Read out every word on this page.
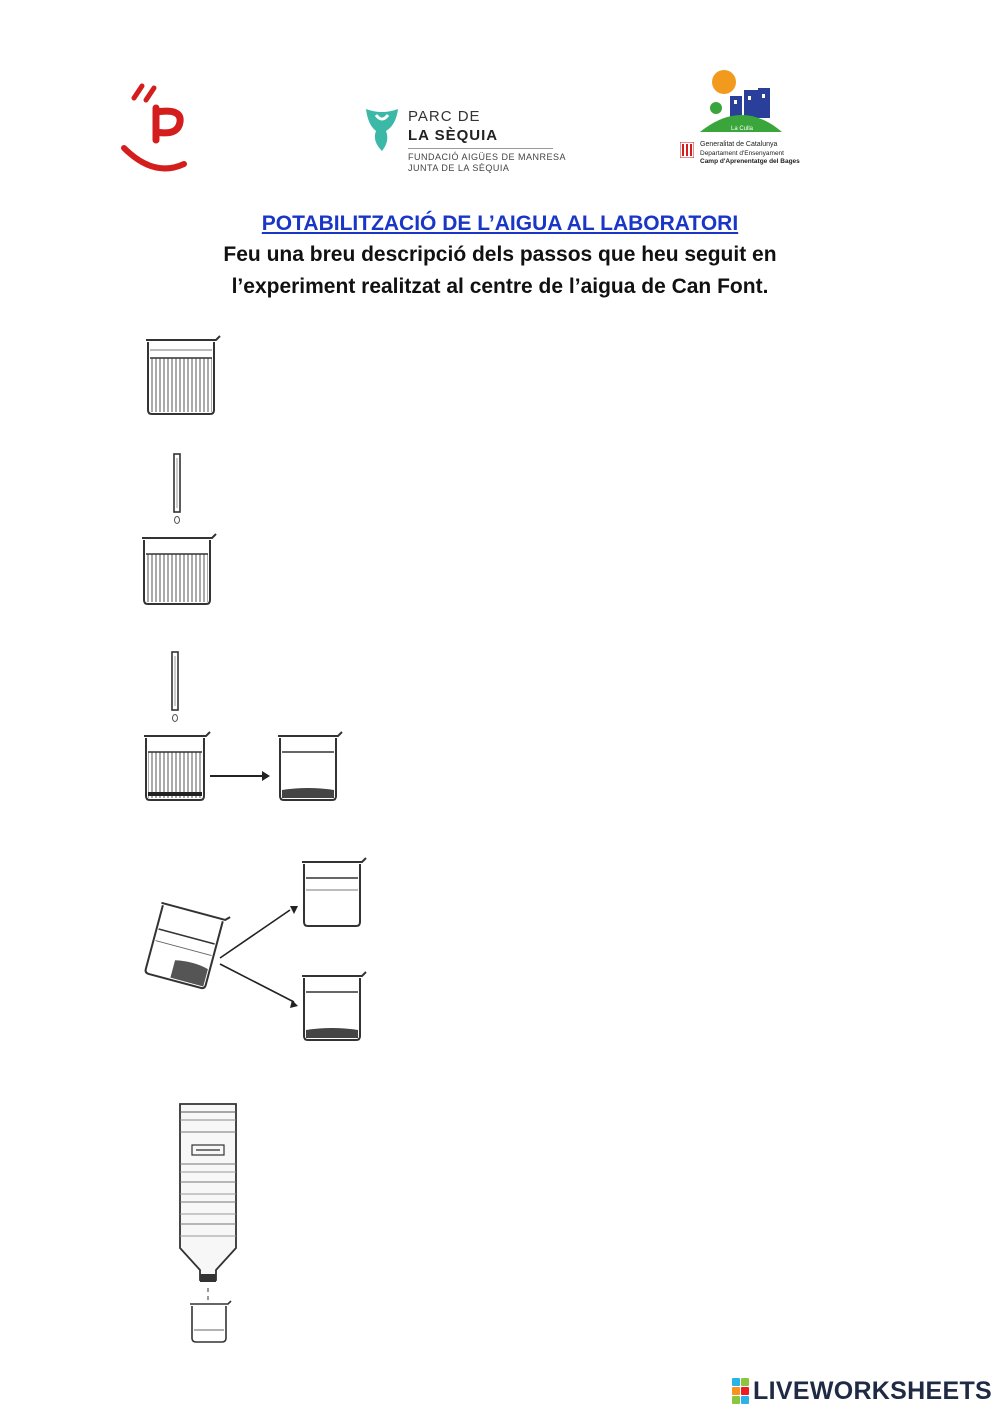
PARC DE
LA SÈQUIA
FUNDACIÓ AIGÜES DE MANRESA
JUNTA DE LA SÈQUIA
La Culla
Generalitat de Catalunya
Departament d'Ensenyament
Camp d'Aprenentatge del Bages
POTABILITZACIÓ DE L’AIGUA AL LABORATORI
Feu una breu descripció dels passos que heu seguit en
l’experiment realitzat al centre de l’aigua de Can Font.
LIVEWORKSHEETS
